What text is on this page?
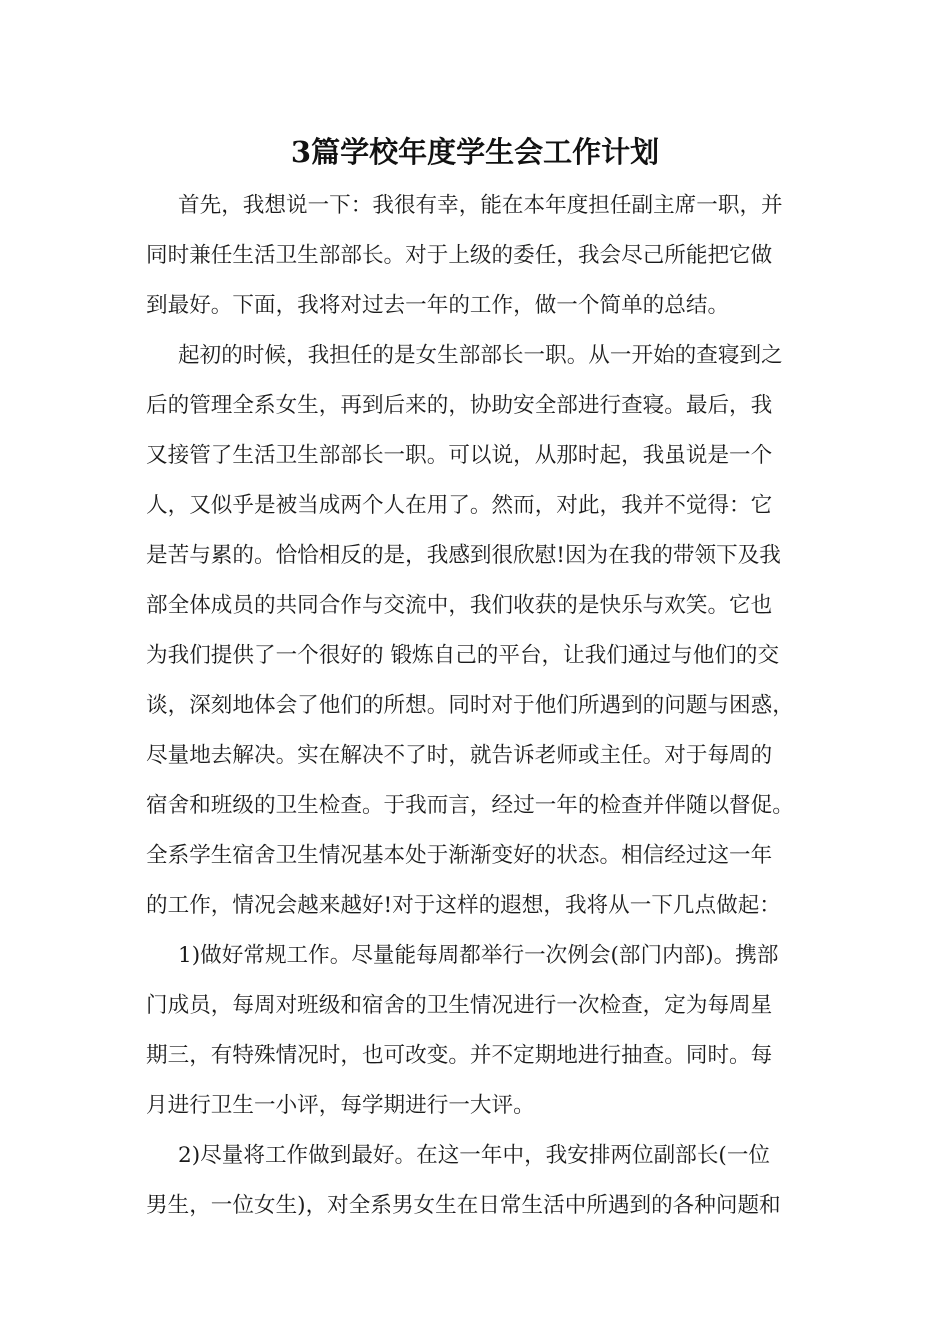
3篇学校年度学生会工作计划

首先，我想说一下：我很有幸，能在本年度担任副主席一职，并
同时兼任生活卫生部部长。对于上级的委任，我会尽己所能把它做
到最好。下面，我将对过去一年的工作，做一个简单的总结。

起初的时候，我担任的是女生部部长一职。从一开始的查寝到之
后的管理全系女生，再到后来的，协助安全部进行查寝。最后，我
又接管了生活卫生部部长一职。可以说，从那时起，我虽说是一个
人，又似乎是被当成两个人在用了。然而，对此，我并不觉得：它
是苦与累的。恰恰相反的是，我感到很欣慰!因为在我的带领下及我
部全体成员的共同合作与交流中，我们收获的是快乐与欢笑。它也
为我们提供了一个很好的 锻炼自己的平台，让我们通过与他们的交
谈，深刻地体会了他们的所想。同时对于他们所遇到的问题与困惑，
尽量地去解决。实在解决不了时，就告诉老师或主任。对于每周的
宿舍和班级的卫生检查。于我而言，经过一年的检查并伴随以督促。
全系学生宿舍卫生情况基本处于渐渐变好的状态。相信经过这一年
的工作，情况会越来越好!对于这样的遐想，我将从一下几点做起：

1)做好常规工作。尽量能每周都举行一次例会(部门内部)。携部
门成员，每周对班级和宿舍的卫生情况进行一次检查，定为每周星
期三，有特殊情况时，也可改变。并不定期地进行抽查。同时。每
月进行卫生一小评，每学期进行一大评。

2)尽量将工作做到最好。在这一年中，我安排两位副部长(一位
男生，一位女生)，对全系男女生在日常生活中所遇到的各种问题和
